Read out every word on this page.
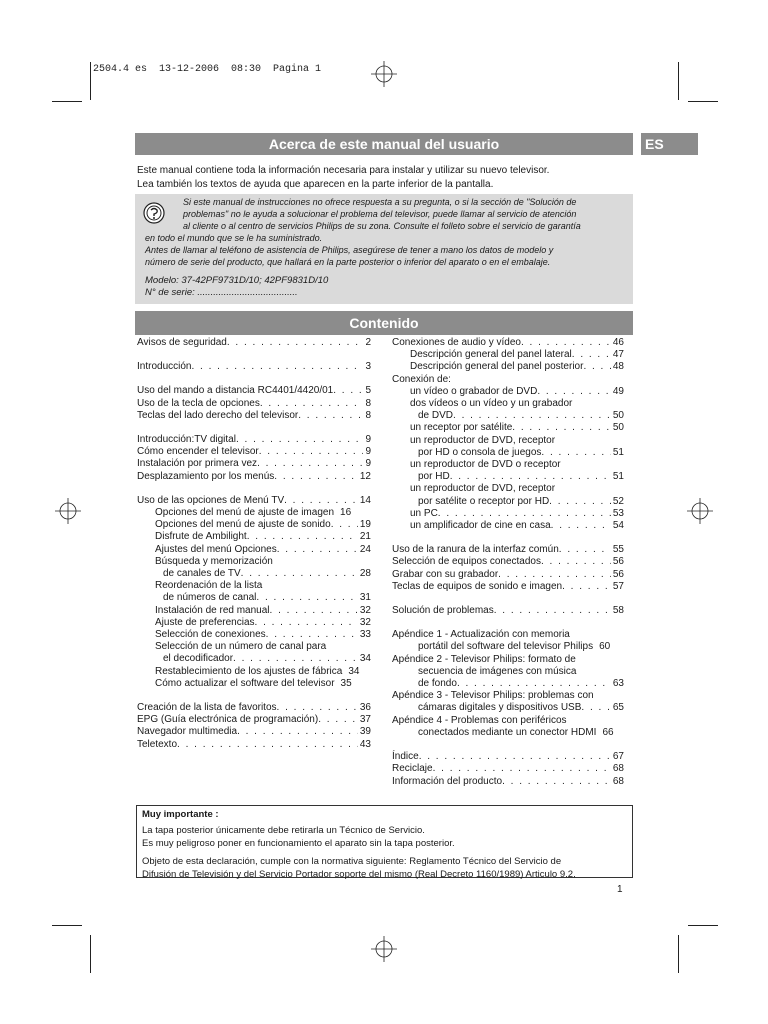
2504.4 es  13-12-2006  08:30  Pagina 1
Acerca de este manual del usuario	ES
Este manual contiene toda la información necesaria para instalar y utilizar su nuevo televisor.
Lea también los textos de ayuda que aparecen en la parte inferior de la pantalla.
Si este manual de instrucciones no ofrece respuesta a su pregunta, o si la sección de "Solución de
problemas" no le ayuda a solucionar el problema del televisor, puede llamar al servicio de atención
al cliente o al centro de servicios Philips de su zona. Consulte el folleto sobre el servicio de garantía
en todo el mundo que se le ha suministrado.
Antes de llamar al teléfono de asistencia de Philips, asegúrese de tener a mano los datos de modelo y
número de serie del producto, que hallará en la parte posterior o inferior del aparato o en el embalaje.
Modelo: 37-42PF9731D/10; 42PF9831D/10
N° de serie: ......................................
Contenido
Avisos de seguridad . . .	2
Introducción . . .	3
Uso del mando a distancia RC4401/4420/01 . . .	5
Uso de la tecla de opciones . . .	8
Teclas del lado derecho del televisor . . .	8
Introducción:TV digital . . .	9
Cómo encender el televisor . . .	9
Instalación por primera vez . . .	9
Desplazamiento por los menús . . .	12
Uso de las opciones de Menú TV . . .	14
Opciones del menú de ajuste de imagen 16
Opciones del menú de ajuste de sonido . . .	19
Disfrute de Ambilight . . .	21
Ajustes del menú Opciones . . .	24
Búsqueda y memorización
de canales de TV . . .	28
Reordenación de la lista
de números de canal . . .	31
Instalación de red manual . . .	32
Ajuste de preferencias . . .	32
Selección de conexiones . . .	33
Selección de un número de canal para
el decodificador . . .	34
Restablecimiento de los ajustes de fábrica 34
Cómo actualizar el software del televisor 35
Creación de la lista de favoritos . . .	36
EPG (Guía electrónica de programación) . . .	37
Navegador multimedia . . .	39
Teletexto . . .	43
Conexiones de audio y vídeo . . .	46
Descripción general del panel lateral . . .	47
Descripción general del panel posterior . . .	48
Conexión de:
un vídeo o grabador de DVD . . .	49
dos vídeos o un vídeo y un grabador
de DVD . . .	50
un receptor por satélite . . .	50
un reproductor de DVD, receptor
por HD o consola de juegos . . .	51
un reproductor de DVD o receptor
por HD . . .	51
un reproductor de DVD, receptor
por satélite o receptor por HD . . .	52
un PC . . .	53
un amplificador de cine en casa . . .	54
Uso de la ranura de la interfaz común . . .	55
Selección de equipos conectados . . .	56
Grabar con su grabador . . .	56
Teclas de equipos de sonido e imagen . . .	57
Solución de problemas . . .	58
Apéndice 1 - Actualización con memoria
portátil del software del televisor Philips 60
Apéndice 2 - Televisor Philips: formato de
secuencia de imágenes con música
de fondo . . .	63
Apéndice 3 - Televisor Philips: problemas con
cámaras digitales y dispositivos USB . . .	65
Apéndice 4 - Problemas con periféricos
conectados mediante un conector HDMI 66
Índice . . .	67
Reciclaje . . .	68
Información del producto . . .	68
Muy importante :
La tapa posterior únicamente debe retirarla un Técnico de Servicio.
Es muy peligroso poner en funcionamiento el aparato sin la tapa posterior.
Objeto de esta declaración, cumple con la normativa siguiente: Reglamento Técnico del Servicio de
Difusión de Televisión y del Servicio Portador soporte del mismo (Real Decreto 1160/1989) Articulo 9.2.
1
